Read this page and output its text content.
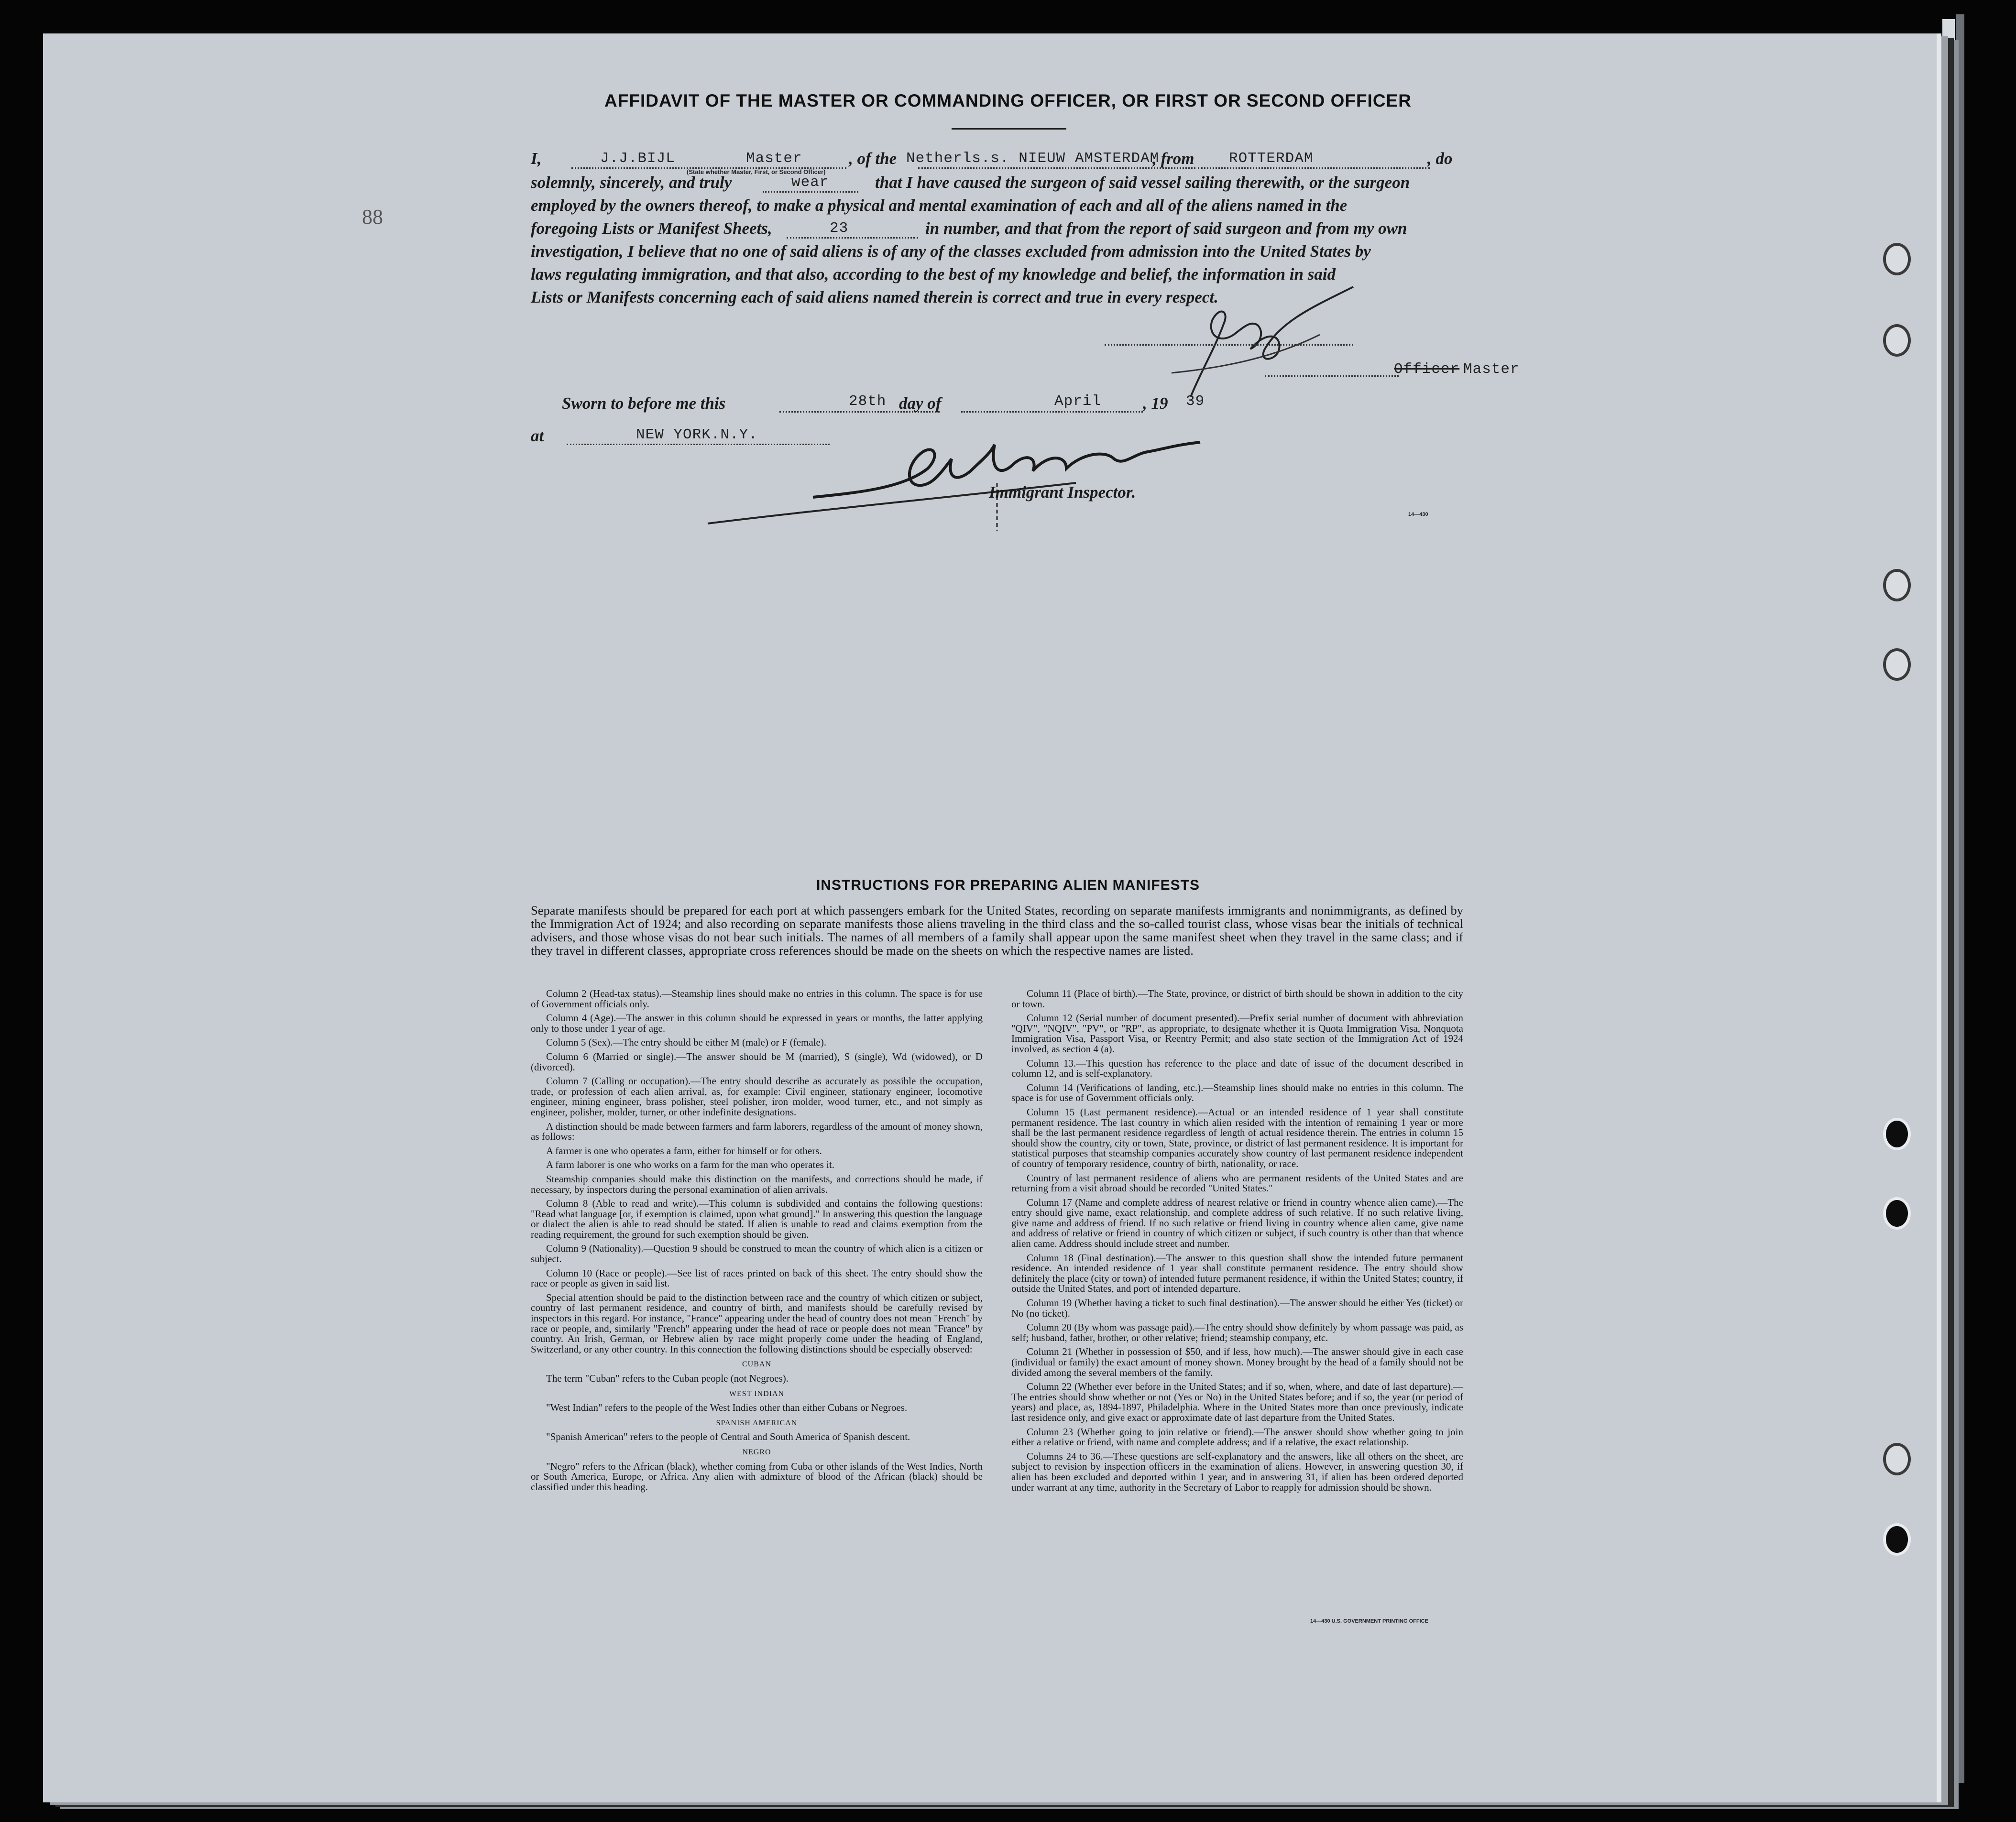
88
AFFIDAVIT OF THE MASTER OR COMMANDING OFFICER, OR FIRST OR SECOND OFFICER
I,	J.J.BIJL	Master
(State whether Master, First, or Second Officer)
, of the Netherls.s. NIEUW AMSTERDAM
, from ROTTERDAM	, do
solemnly, sincerely, and truly	wear	that I have caused the surgeon of said vessel sailing therewith, or the surgeon
employed by the owners thereof, to make a physical and mental examination of each and all of the aliens named in the
foregoing Lists or Manifest Sheets,	23	in number, and that from the report of said surgeon and from my own
investigation, I believe that no one of said aliens is of any of the classes excluded from admission into the United States by
laws regulating immigration, and that also, according to the best of my knowledge and belief, the information in said
Lists or Manifests concerning each of said aliens named therein is correct and true in every respect.
Officer Master
Sworn to before me this	28th day of	April , 19 39
at	NEW YORK.N.Y.
Immigrant Inspector.
14—430
INSTRUCTIONS FOR PREPARING ALIEN MANIFESTS
Separate manifests should be prepared for each port at which passengers embark for the United States, recording on separate manifests immigrants and nonimmigrants, as defined by the Immigration Act of 1924; and also recording on separate manifests those aliens traveling in the third class and the so-called tourist class, whose visas bear the initials of technical advisers, and those whose visas do not bear such initials. The names of all members of a family shall appear upon the same manifest sheet when they travel in the same class; and if they travel in different classes, appropriate cross references should be made on the sheets on which the respective names are listed.

Column 2 (Head-tax status).—Steamship lines should make no entries in this column. The space is for use of Government officials only.

Column 4 (Age).—The answer in this column should be expressed in years or months, the latter applying only to those under 1 year of age.

Column 5 (Sex).—The entry should be either M (male) or F (female).

Column 6 (Married or single).—The answer should be M (married), S (single), Wd (widowed), or D (divorced).

Column 7 (Calling or occupation).—The entry should describe as accurately as possible the occupation, trade, or profession of each alien arrival, as, for example: Civil engineer, stationary engineer, locomotive engineer, mining engineer, brass polisher, steel polisher, iron molder, wood turner, etc., and not simply as engineer, polisher, molder, turner, or other indefinite designations.

A distinction should be made between farmers and farm laborers, regardless of the amount of money shown, as follows:

A farmer is one who operates a farm, either for himself or for others.

A farm laborer is one who works on a farm for the man who operates it.

Steamship companies should make this distinction on the manifests, and corrections should be made, if necessary, by inspectors during the personal examination of alien arrivals.

Column 8 (Able to read and write).—This column is subdivided and contains the following questions: "Read what language [or, if exemption is claimed, upon what ground]." In answering this question the language or dialect the alien is able to read should be stated. If alien is unable to read and claims exemption from the reading requirement, the ground for such exemption should be given.

Column 9 (Nationality).—Question 9 should be construed to mean the country of which alien is a citizen or subject.

Column 10 (Race or people).—See list of races printed on back of this sheet. The entry should show the race or people as given in said list.

Special attention should be paid to the distinction between race and the country of which citizen or subject, country of last permanent residence, and country of birth, and manifests should be carefully revised by inspectors in this regard. For instance, "France" appearing under the head of country does not mean "French" by race or people, and, similarly "French" appearing under the head of race or people does not mean "France" by country. An Irish, German, or Hebrew alien by race might properly come under the heading of England, Switzerland, or any other country. In this connection the following distinctions should be especially observed:

CUBAN

The term "Cuban" refers to the Cuban people (not Negroes).

WEST INDIAN

"West Indian" refers to the people of the West Indies other than either Cubans or Negroes.

SPANISH AMERICAN

"Spanish American" refers to the people of Central and South America of Spanish descent.

NEGRO

"Negro" refers to the African (black), whether coming from Cuba or other islands of the West Indies, North or South America, Europe, or Africa. Any alien with admixture of blood of the African (black) should be classified under this heading.

Column 11 (Place of birth).—The State, province, or district of birth should be shown in addition to the city or town.

Column 12 (Serial number of document presented).—Prefix serial number of document with abbreviation "QIV", "NQIV", "PV", or "RP", as appropriate, to designate whether it is Quota Immigration Visa, Nonquota Immigration Visa, Passport Visa, or Reentry Permit; and also state section of the Immigration Act of 1924 involved, as section 4 (a).

Column 13.—This question has reference to the place and date of issue of the document described in column 12, and is self-explanatory.

Column 14 (Verifications of landing, etc.).—Steamship lines should make no entries in this column. The space is for use of Government officials only.

Column 15 (Last permanent residence).—Actual or an intended residence of 1 year shall constitute permanent residence. The last country in which alien resided with the intention of remaining 1 year or more shall be the last permanent residence regardless of length of actual residence therein. The entries in column 15 should show the country, city or town, State, province, or district of last permanent residence. It is important for statistical purposes that steamship companies accurately show country of last permanent residence independent of country of temporary residence, country of birth, nationality, or race.

Country of last permanent residence of aliens who are permanent residents of the United States and are returning from a visit abroad should be recorded "United States."

Column 17 (Name and complete address of nearest relative or friend in country whence alien came).—The entry should give name, exact relationship, and complete address of such relative. If no such relative living, give name and address of friend. If no such relative or friend living in country whence alien came, give name and address of relative or friend in country of which citizen or subject, if such country is other than that whence alien came. Address should include street and number.

Column 18 (Final destination).—The answer to this question shall show the intended future permanent residence. An intended residence of 1 year shall constitute permanent residence. The entry should show definitely the place (city or town) of intended future permanent residence, if within the United States; country, if outside the United States, and port of intended departure.

Column 19 (Whether having a ticket to such final destination).—The answer should be either Yes (ticket) or No (no ticket).

Column 20 (By whom was passage paid).—The entry should show definitely by whom passage was paid, as self; husband, father, brother, or other relative; friend; steamship company, etc.

Column 21 (Whether in possession of $50, and if less, how much).—The answer should give in each case (individual or family) the exact amount of money shown. Money brought by the head of a family should not be divided among the several members of the family.

Column 22 (Whether ever before in the United States; and if so, when, where, and date of last departure).—The entries should show whether or not (Yes or No) in the United States before; and if so, the year (or period of years) and place, as, 1894-1897, Philadelphia. Where in the United States more than once previously, indicate last residence only, and give exact or approximate date of last departure from the United States.

Column 23 (Whether going to join relative or friend).—The answer should show whether going to join either a relative or friend, with name and complete address; and if a relative, the exact relationship.

Columns 24 to 36.—These questions are self-explanatory and the answers, like all others on the sheet, are subject to revision by inspection officers in the examination of aliens. However, in answering question 30, if alien has been excluded and deported within 1 year, and in answering 31, if alien has been ordered deported under warrant at any time, authority in the Secretary of Labor to reapply for admission should be shown.

14—430 U.S. GOVERNMENT PRINTING OFFICE
